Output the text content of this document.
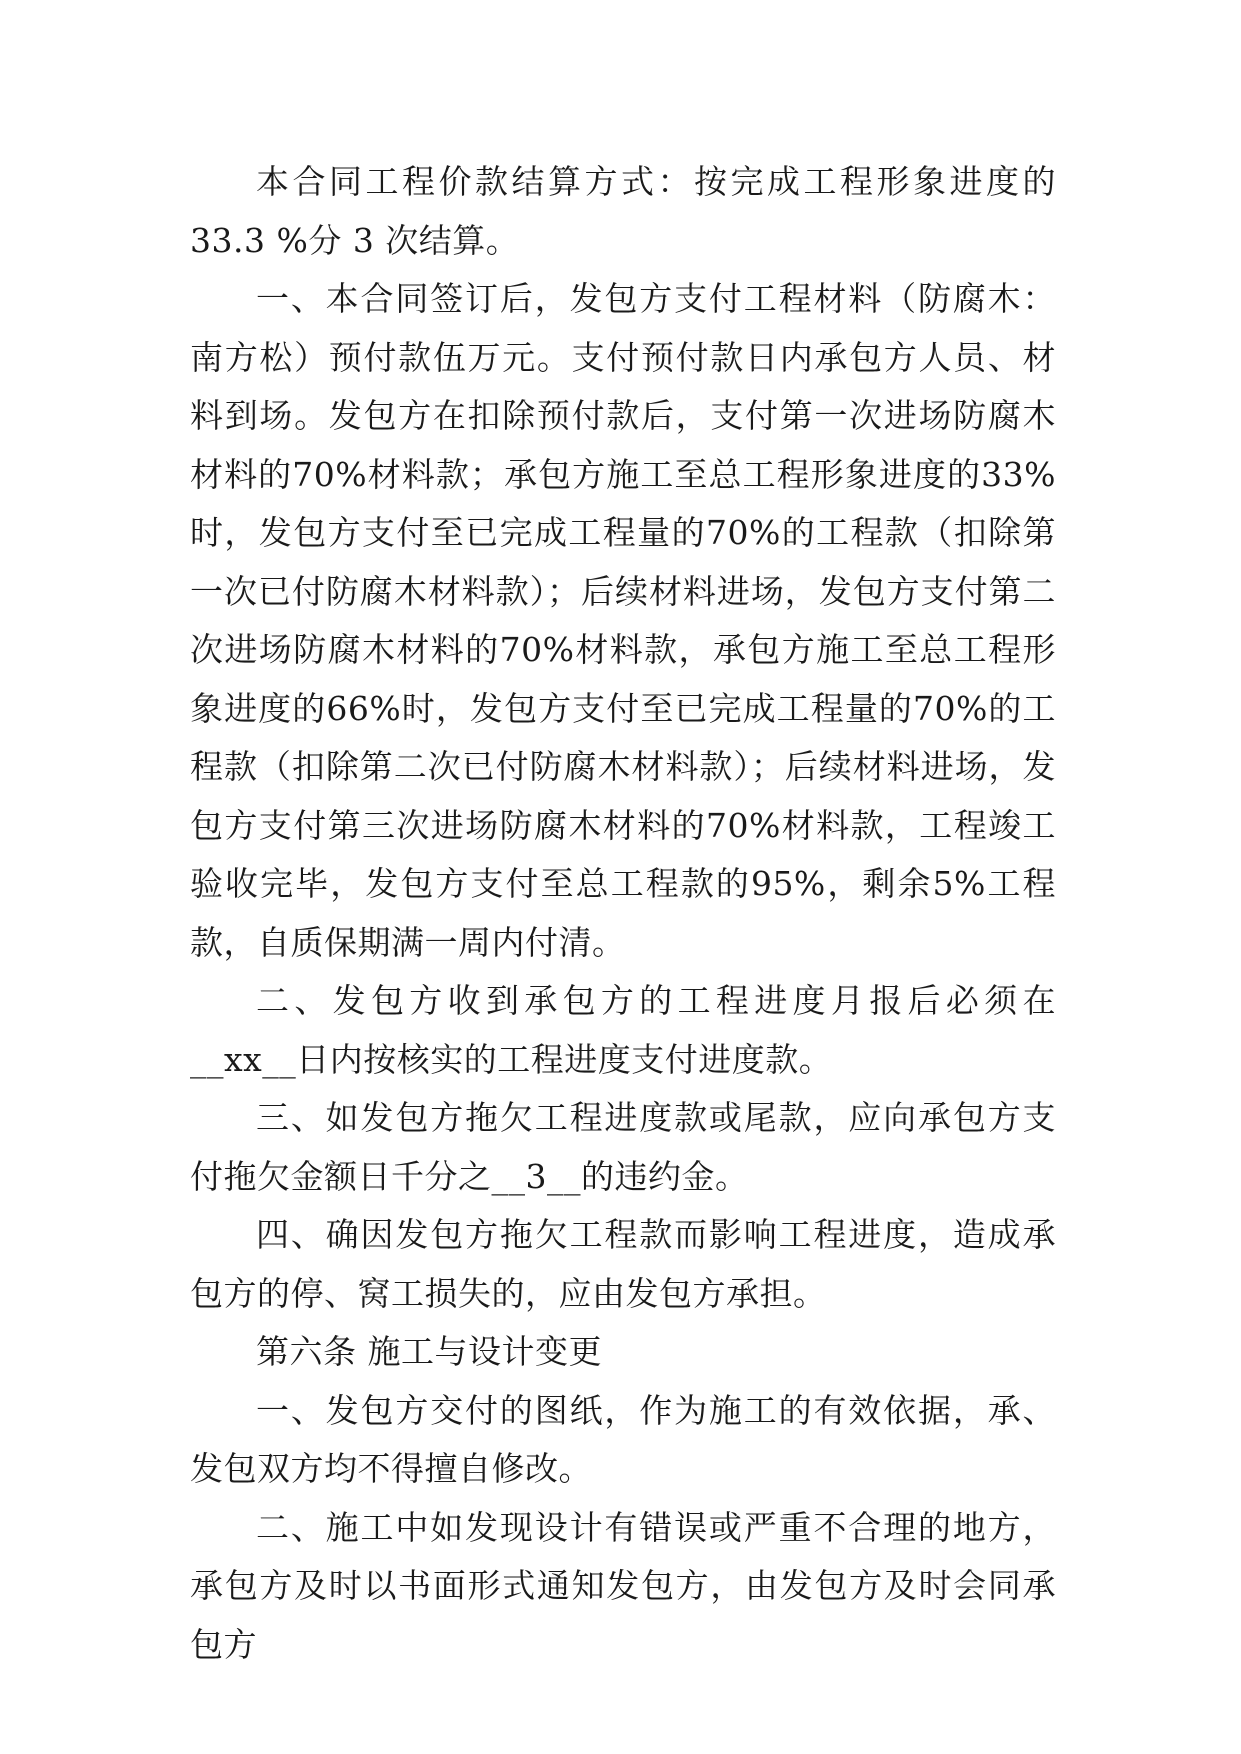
本合同工程价款结算方式：按完成工程形象进度的33.3 %分 3 次结算。

一、本合同签订后，发包方支付工程材料（防腐木：南方松）预付款伍万元。支付预付款日内承包方人员、材料到场。发包方在扣除预付款后，支付第一次进场防腐木材料的70%材料款；承包方施工至总工程形象进度的33%时，发包方支付至已完成工程量的70%的工程款（扣除第一次已付防腐木材料款）；后续材料进场，发包方支付第二次进场防腐木材料的70%材料款，承包方施工至总工程形象进度的66%时，发包方支付至已完成工程量的70%的工程款（扣除第二次已付防腐木材料款）；后续材料进场，发包方支付第三次进场防腐木材料的70%材料款，工程竣工验收完毕，发包方支付至总工程款的95%，剩余5%工程款，自质保期满一周内付清。

二、发包方收到承包方的工程进度月报后必须在__xx__日内按核实的工程进度支付进度款。

三、如发包方拖欠工程进度款或尾款，应向承包方支付拖欠金额日千分之__3__的违约金。

四、确因发包方拖欠工程款而影响工程进度，造成承包方的停、窝工损失的，应由发包方承担。

第六条 施工与设计变更

一、发包方交付的图纸，作为施工的有效依据，承、发包双方均不得擅自修改。

二、施工中如发现设计有错误或严重不合理的地方，承包方及时以书面形式通知发包方，由发包方及时会同承包方
